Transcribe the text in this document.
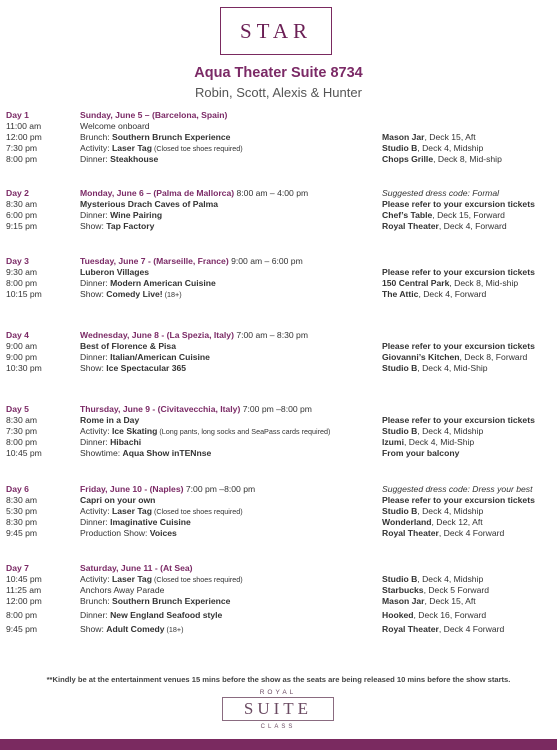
STAR
Aqua Theater Suite 8734
Robin, Scott, Alexis & Hunter
Day 1	Sunday, June 5 – (Barcelona, Spain)
11:00 am	Welcome onboard
12:00 pm	Brunch: Southern Brunch Experience	Mason Jar, Deck 15, Aft
7:30 pm	Activity: Laser Tag (Closed toe shoes required)	Studio B, Deck 4, Midship
8:00 pm	Dinner: Steakhouse	Chops Grille, Deck 8, Mid-ship
Day 2	Monday, June 6 – (Palma de Mallorca) 8:00 am – 4:00 pm	Suggested dress code: Formal
8:30 am	Mysterious Drach Caves of Palma	Please refer to your excursion tickets
6:00 pm	Dinner: Wine Pairing	Chef’s Table, Deck 15, Forward
9:15 pm	Show: Tap Factory	Royal Theater, Deck 4, Forward
Day 3	Tuesday, June 7 - (Marseille, France) 9:00 am – 6:00 pm
9:30 am	Luberon Villages	Please refer to your excursion tickets
8:00 pm	Dinner: Modern American Cuisine	150 Central Park, Deck 8, Mid-ship
10:15 pm	Show: Comedy Live! (18+)	The Attic, Deck 4, Forward
Day 4	Wednesday, June 8 - (La Spezia, Italy) 7:00 am – 8:30 pm
9:00 am	Best of Florence & Pisa	Please refer to your excursion tickets
9:00 pm	Dinner: Italian/American Cuisine	Giovanni’s Kitchen, Deck 8, Forward
10:30 pm	Show: Ice Spectacular 365	Studio B, Deck 4, Mid-Ship
Day 5	Thursday, June 9 - (Civitavecchia, Italy) 7:00 pm –8:00 pm
8:30 am	Rome in a Day	Please refer to your excursion tickets
7:30 pm	Activity: Ice Skating (Long pants, long socks and SeaPass cards required)	Studio B, Deck 4, Midship
8:00 pm	Dinner: Hibachi	Izumi, Deck 4, Mid-Ship
10:45 pm	Showtime: Aqua Show inTENnse	From your balcony
Day 6	Friday, June 10 - (Naples) 7:00 pm –8:00 pm	Suggested dress code: Dress your best
8:30 am	Capri on your own	Please refer to your excursion tickets
5:30 pm	Activity: Laser Tag (Closed toe shoes required)	Studio B, Deck 4, Midship
8:30 pm	Dinner: Imaginative Cuisine	Wonderland, Deck 12, Aft
9:45 pm	Production Show: Voices	Royal Theater, Deck 4 Forward
Day 7	Saturday, June 11 - (At Sea)
10:45 pm	Activity: Laser Tag (Closed toe shoes required)	Studio B, Deck 4, Midship
11:25 am	Anchors Away Parade	Starbucks, Deck 5 Forward
12:00 pm	Brunch: Southern Brunch Experience	Mason Jar, Deck 15, Aft
8:00 pm	Dinner: New England Seafood style	Hooked, Deck 16, Forward
9:45 pm	Show: Adult Comedy (18+)	Royal Theater, Deck 4 Forward
**Kindly be at the entertainment venues 15 mins before the show as the seats are being released 10 mins before the show starts.
ROYAL
SUITE
CLASS
